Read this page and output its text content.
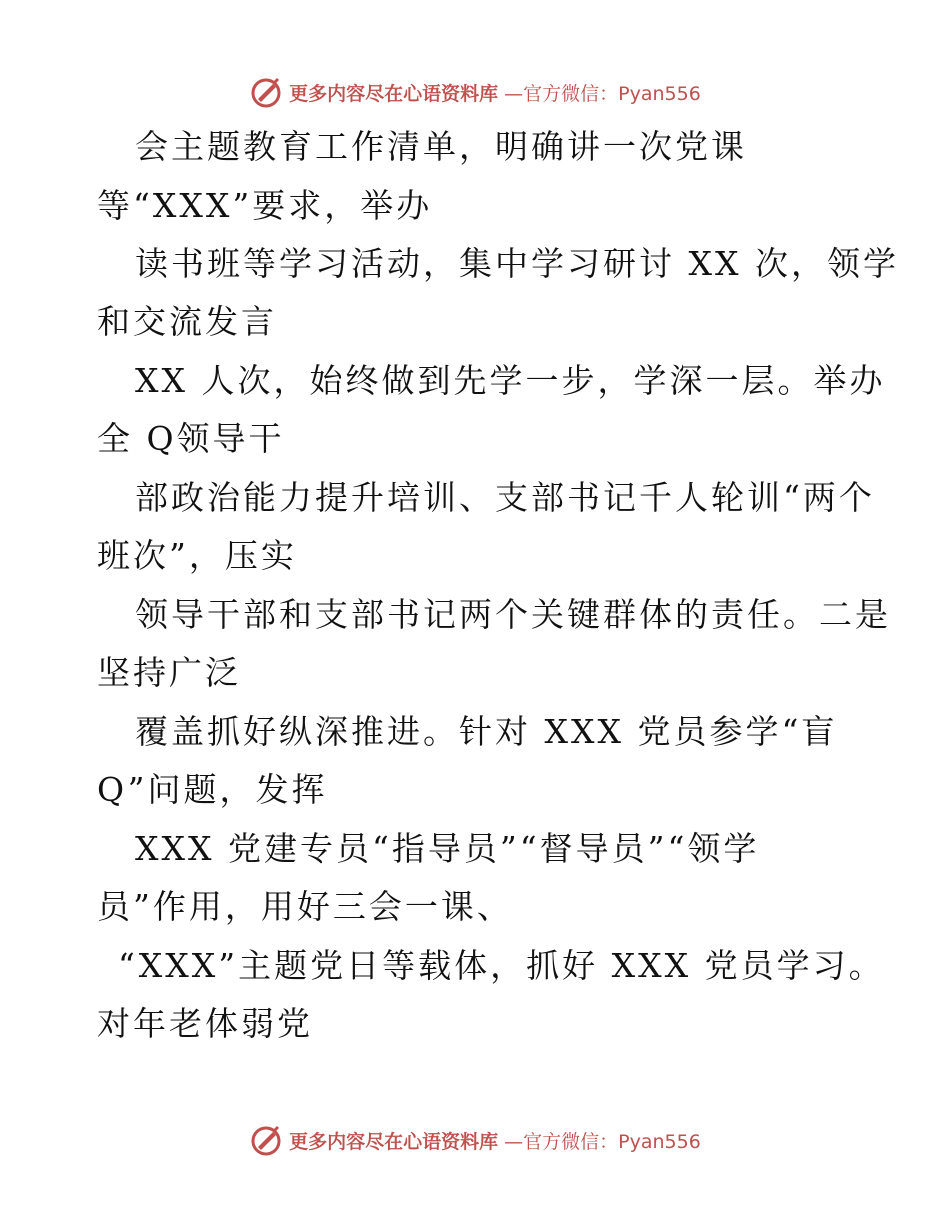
更多内容尽在心语资料库 —官方微信：Pyan556
会主题教育工作清单，明确讲一次党课
等“XXX”要求，举办
读书班等学习活动，集中学习研讨 XX 次，领学
和交流发言
XX 人次，始终做到先学一步，学深一层。举办
全 Q领导干
部政治能力提升培训、支部书记千人轮训“两个
班次”，压实
领导干部和支部书记两个关键群体的责任。二是
坚持广泛
覆盖抓好纵深推进。针对 XXX 党员参学“盲
Q”问题，发挥
XXX 党建专员“指导员”“督导员”“领学
员”作用，用好三会一课、
“XXX”主题党日等载体，抓好 XXX 党员学习。
对年老体弱党
更多内容尽在心语资料库 —官方微信：Pyan556
